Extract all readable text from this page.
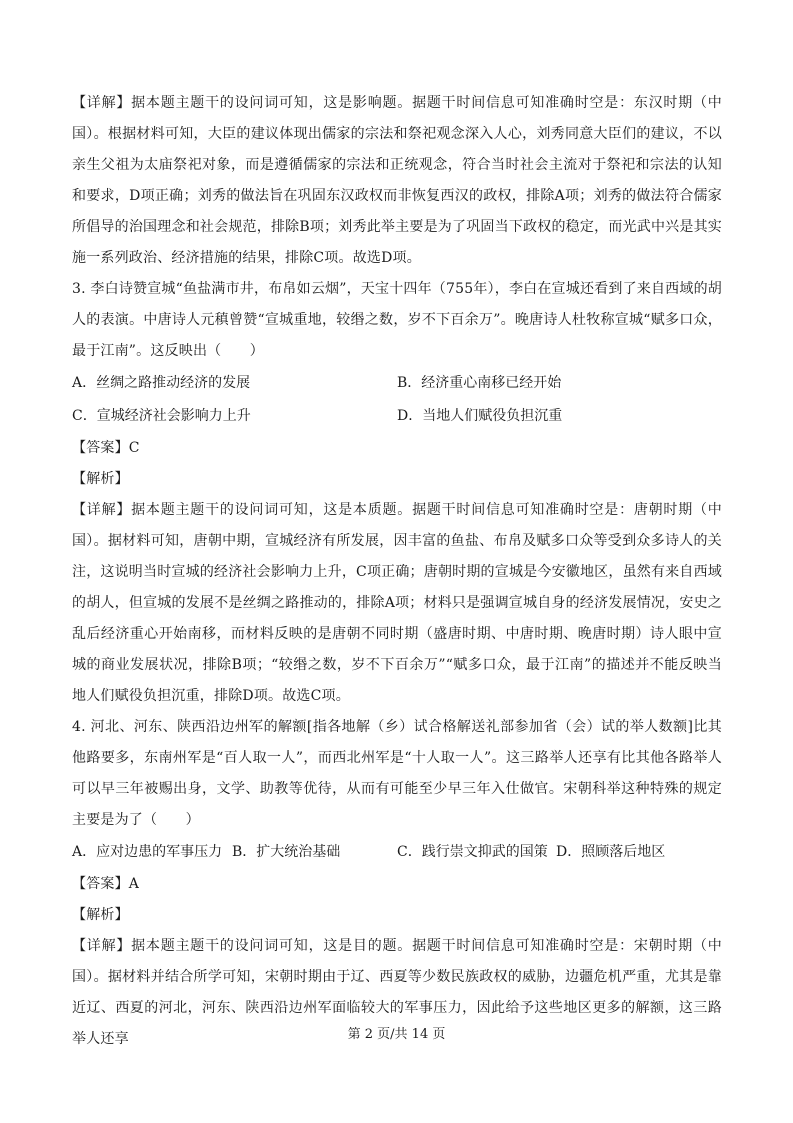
【详解】据本题主题干的设问词可知，这是影响题。据题干时间信息可知准确时空是：东汉时期（中国）。根据材料可知，大臣的建议体现出儒家的宗法和祭祀观念深入人心，刘秀同意大臣们的建议，不以亲生父祖为太庙祭祀对象，而是遵循儒家的宗法和正统观念，符合当时社会主流对于祭祀和宗法的认知和要求，D项正确；刘秀的做法旨在巩固东汉政权而非恢复西汉的政权，排除A项；刘秀的做法符合儒家所倡导的治国理念和社会规范，排除B项；刘秀此举主要是为了巩固当下政权的稳定，而光武中兴是其实施一系列政治、经济措施的结果，排除C项。故选D项。

3. 李白诗赞宣城“鱼盐满市井，布帛如云烟”，天宝十四年（755年），李白在宣城还看到了来自西域的胡人的表演。中唐诗人元稹曾赞“宣城重地，较缗之数，岁不下百余万”。晚唐诗人杜牧称宣城“赋多口众，最于江南”。这反映出（　　）

A．丝绸之路推动经济的发展	B．经济重心南移已经开始
C．宣城经济社会影响力上升	D．当地人们赋役负担沉重

【答案】C

【解析】

【详解】据本题主题干的设问词可知，这是本质题。据题干时间信息可知准确时空是：唐朝时期（中国）。据材料可知，唐朝中期，宣城经济有所发展，因丰富的鱼盐、布帛及赋多口众等受到众多诗人的关注，这说明当时宣城的经济社会影响力上升，C项正确；唐朝时期的宣城是今安徽地区，虽然有来自西域的胡人，但宣城的发展不是丝绸之路推动的，排除A项；材料只是强调宣城自身的经济发展情况，安史之乱后经济重心开始南移，而材料反映的是唐朝不同时期（盛唐时期、中唐时期、晚唐时期）诗人眼中宣城的商业发展状况，排除B项；“较缗之数，岁不下百余万”“赋多口众，最于江南”的描述并不能反映当地人们赋役负担沉重，排除D项。故选C项。

4. 河北、河东、陕西沿边州军的解额[指各地解（乡）试合格解送礼部参加省（会）试的举人数额]比其他路要多，东南州军是“百人取一人”，而西北州军是“十人取一人”。这三路举人还享有比其他各路举人可以早三年被赐出身，文学、助教等优待，从而有可能至少早三年入仕做官。宋朝科举这种特殊的规定主要是为了（　　）

A．应对边患的军事压力 B．扩大统治基础	C．践行崇文抑武的国策 D．照顾落后地区

【答案】A

【解析】

【详解】据本题主题干的设问词可知，这是目的题。据题干时间信息可知准确时空是：宋朝时期（中国）。据材料并结合所学可知，宋朝时期由于辽、西夏等少数民族政权的威胁，边疆危机严重，尤其是靠近辽、西夏的河北，河东、陕西沿边州军面临较大的军事压力，因此给予这些地区更多的解额，这三路举人还享	第 2 页/共 14 页
